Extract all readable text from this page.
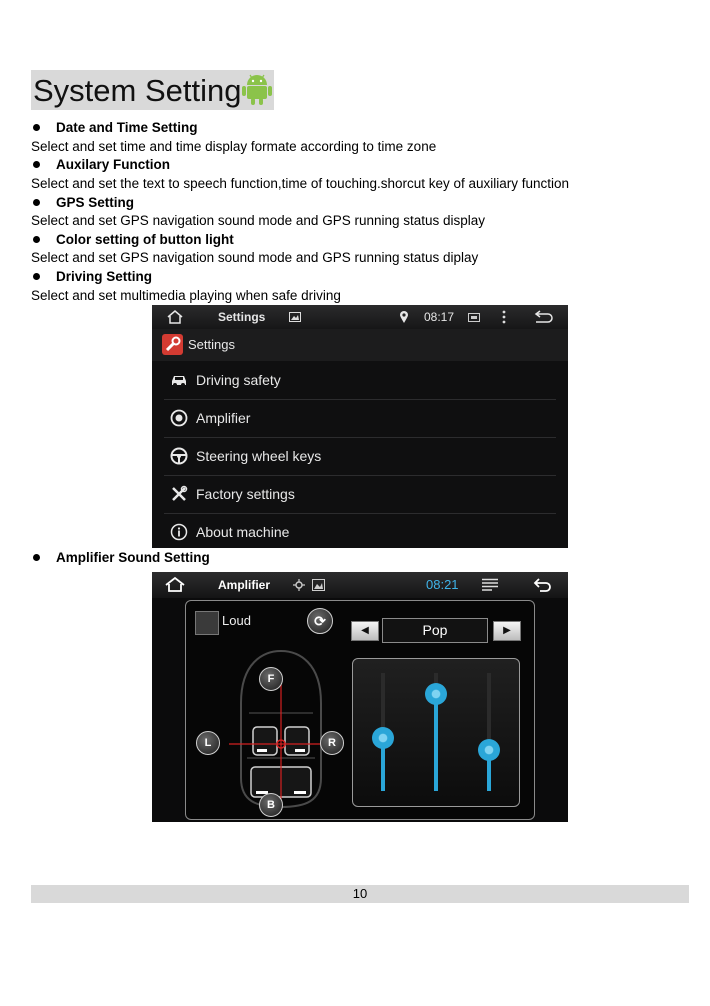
System Setting
Date and Time Setting
Select and set time and time display formate according to time zone
Auxilary Function
Select and set the text to speech function,time of touching.shorcut key of auxiliary function
GPS Setting
Select and set GPS navigation sound mode and GPS running status display
Color setting of button light
Select and set GPS navigation sound mode and GPS running status diplay
Driving Setting
Select and set multimedia playing when safe driving
Settings	08:17
Settings
Driving safety
Amplifier
Steering wheel keys
Factory settings
About machine
Amplifier Sound Setting
Amplifier	08:21
Loud	⟳
◀	Pop	▶
F
L	R
B
10
